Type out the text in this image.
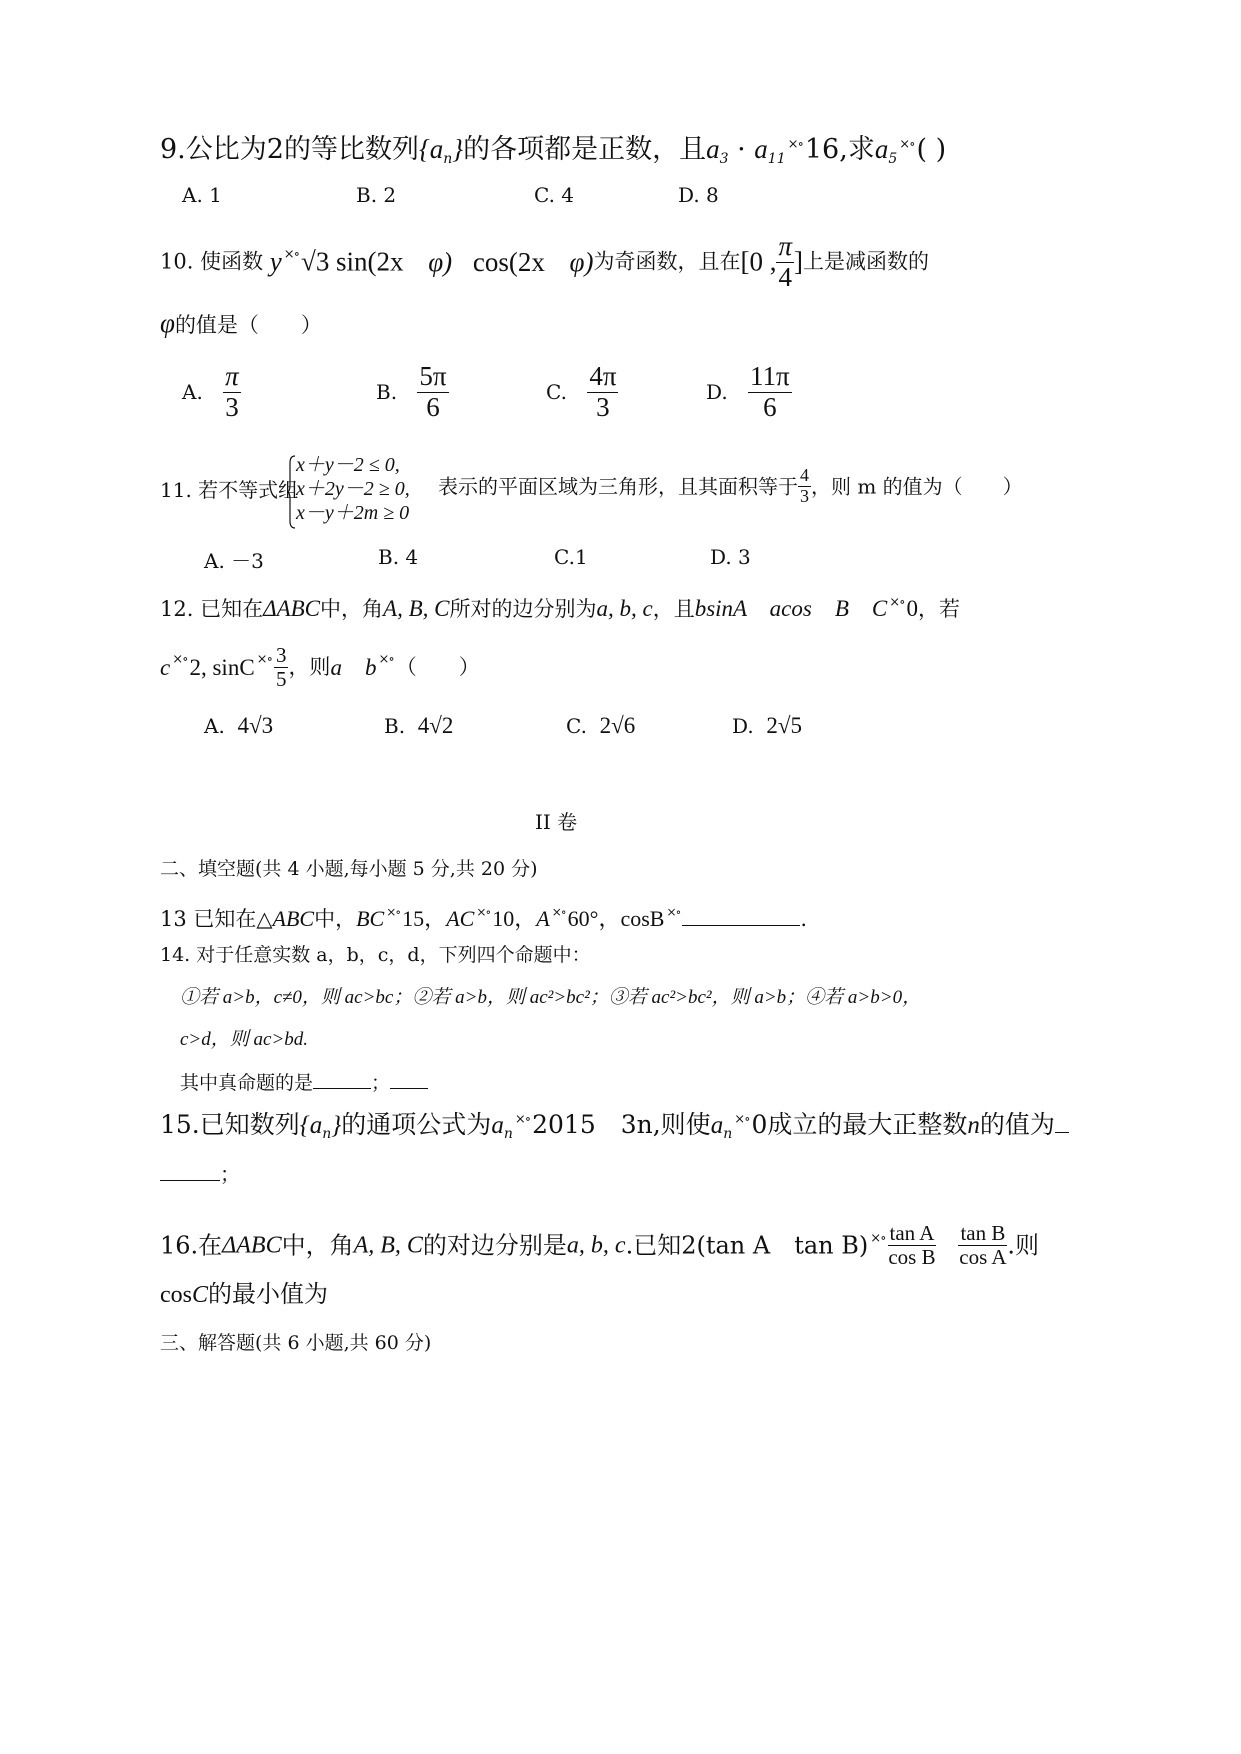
9.公比为2的等比数列$\{a_n\}$的各项都是正数，且$a_3 \cdot a_{11}^{\times\circ}16$,求$a_5^{\times\circ}$( )
A. 1	B. 2	C. 4	D. 8
10. 使函数 y ×∘√3 sin(2x φ) cos(2x φ)为奇函数，且在[0 , $\frac{\pi}{4}$ ]上是减函数的
φ的值是（　　）
A. $\frac{\pi}{3}$	B. $\frac{5\pi}{6}$	C. $\frac{4\pi}{3}$	D. $\frac{11\pi}{6}$
11. 若不等式组
x＋y－2 ≤ 0,
x＋2y－2 ≥ 0,
x－y＋2m ≥ 0
表示的平面区域为三角形，且其面积等于 $\frac{4}{3}$ ，则 m 的值为（　　）
A. －3	B. 4	C.1	D. 3
12. 已知在ΔABC中，角A, B, C所对的边分别为a, b, c，且bsinA　acos　B　C ×∘0，若
c ×∘2, sinC $^{\times\circ} \frac{3}{5}$ ，则a　b ×∘（　　）
A. 4√3	B. 4√2	C. 2√6	D. 2√5
II 卷
二、填空题(共 4 小题,每小题 5 分,共 20 分)
13 已知在△ABC中，BC ×∘15，AC ×∘10，A ×∘60°，cosB ×∘	.
14. 对于任意实数 a，b，c，d，下列四个命题中：
①若 a>b，c≠0，则 ac>bc；②若 a>b，则 ac²>bc²；③若 ac²>bc²，则 a>b；④若 a>b>0，
c>d，则 ac>bd.
其中真命题的是	；
15.已知数列$\{a_n\}$的通项公式为$a_n^{\times\circ}2015$　3n,则使$a_n^{\times\circ}0$成立的最大正整数n的值为
；
16.在ΔABC中，角A, B, C的对边分别是a, b, c.已知2(tan A　tan B) $^{\times\circ} \frac{\text{tan A}}{\text{cos B}} \frac{\text{tan B}}{\text{cos A}}$ .则
cosC的最小值为
三、解答题(共 6 小题,共 60 分)
